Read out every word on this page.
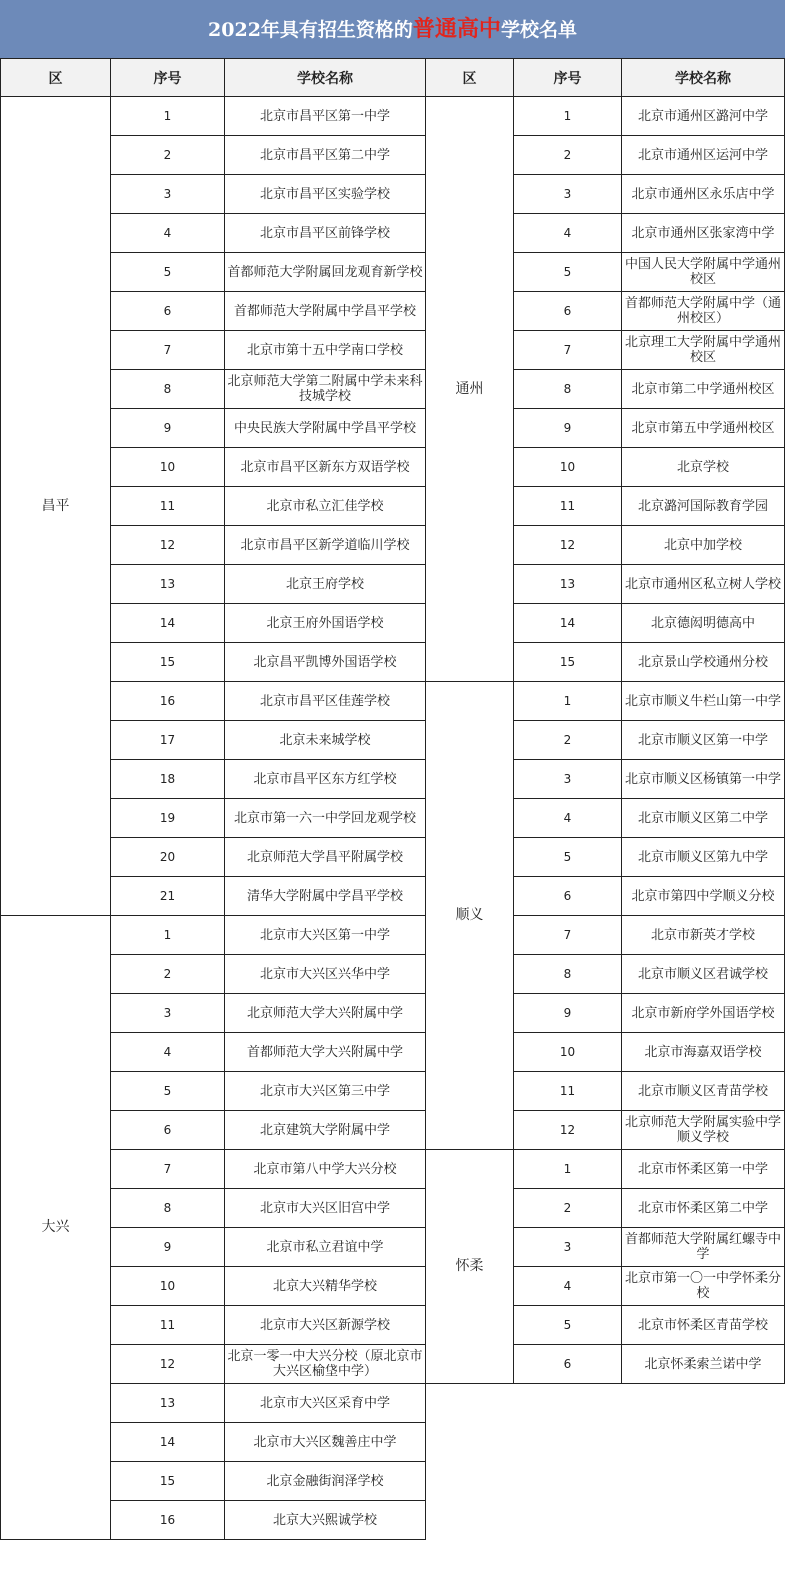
2022年具有招生资格的普通高中学校名单
区	序号	学校名称
昌平	1	北京市昌平区第一中学
	2	北京市昌平区第二中学
	3	北京市昌平区实验学校
	4	北京市昌平区前锋学校
	5	首都师范大学附属回龙观育新学校
	6	首都师范大学附属中学昌平学校
	7	北京市第十五中学南口学校
	8	北京师范大学第二附属中学未来科技城学校
	9	中央民族大学附属中学昌平学校
	10	北京市昌平区新东方双语学校
	11	北京市私立汇佳学校
	12	北京市昌平区新学道临川学校
	13	北京王府学校
	14	北京王府外国语学校
	15	北京昌平凯博外国语学校
	16	北京市昌平区佳莲学校
	17	北京未来城学校
	18	北京市昌平区东方红学校
	19	北京市第一六一中学回龙观学校
	20	北京师范大学昌平附属学校
	21	清华大学附属中学昌平学校
大兴	1	北京市大兴区第一中学
	2	北京市大兴区兴华中学
	3	北京师范大学大兴附属中学
	4	首都师范大学大兴附属中学
	5	北京市大兴区第三中学
	6	北京建筑大学附属中学
	7	北京市第八中学大兴分校
	8	北京市大兴区旧宫中学
	9	北京市私立君谊中学
	10	北京大兴精华学校
	11	北京市大兴区新源学校
	12	北京一零一中大兴分校（原北京市大兴区榆垡中学）
	13	北京市大兴区采育中学
	14	北京市大兴区魏善庄中学
	15	北京金融街润泽学校
	16	北京大兴熙诚学校
区	序号	学校名称
通州	1	北京市通州区潞河中学
	2	北京市通州区运河中学
	3	北京市通州区永乐店中学
	4	北京市通州区张家湾中学
	5	中国人民大学附属中学通州校区
	6	首都师范大学附属中学（通州校区）
	7	北京理工大学附属中学通州校区
	8	北京市第二中学通州校区
	9	北京市第五中学通州校区
	10	北京学校
	11	北京潞河国际教育学园
	12	北京中加学校
	13	北京市通州区私立树人学校
	14	北京德闳明德高中
	15	北京景山学校通州分校
顺义	1	北京市顺义牛栏山第一中学
	2	北京市顺义区第一中学
	3	北京市顺义区杨镇第一中学
	4	北京市顺义区第二中学
	5	北京市顺义区第九中学
	6	北京市第四中学顺义分校
	7	北京市新英才学校
	8	北京市顺义区君诚学校
	9	北京市新府学外国语学校
	10	北京市海嘉双语学校
	11	北京市顺义区青苗学校
	12	北京师范大学附属实验中学顺义学校
怀柔	1	北京市怀柔区第一中学
	2	北京市怀柔区第二中学
	3	首都师范大学附属红螺寺中学
	4	北京市第一〇一中学怀柔分校
	5	北京市怀柔区青苗学校
	6	北京怀柔索兰诺中学
